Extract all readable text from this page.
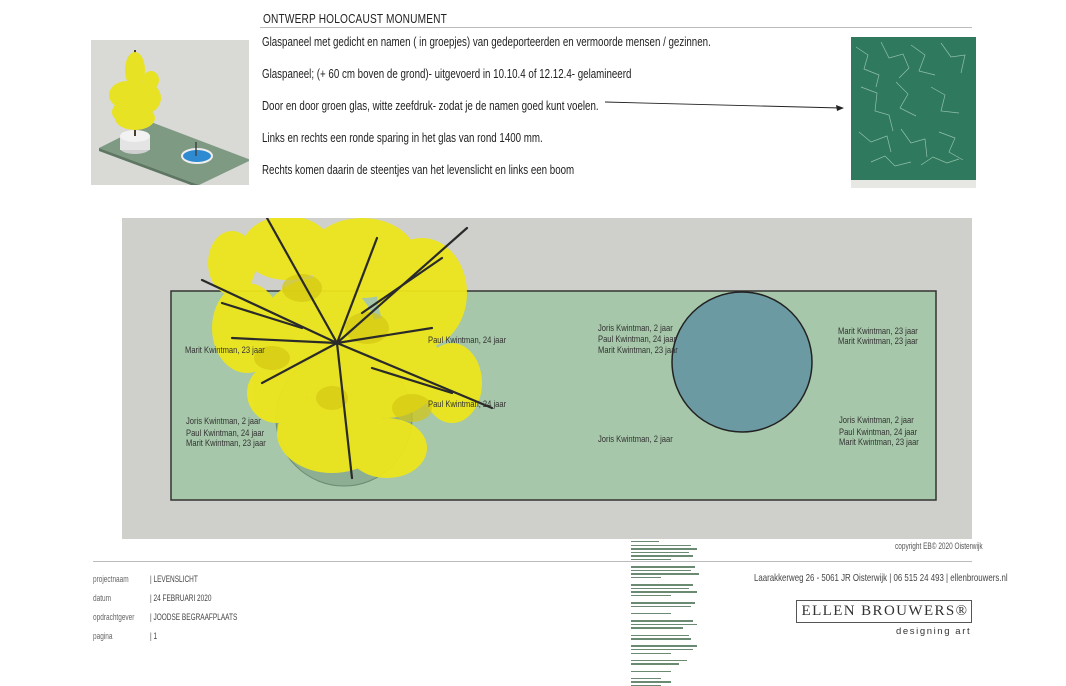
ONTWERP HOLOCAUST MONUMENT
Glaspaneel met gedicht en namen ( in groepjes) van gedeporteerden en vermoorde mensen / gezinnen.
Glaspaneel; (+ 60 cm boven de grond)- uitgevoerd in 10.10.4 of 12.12.4- gelamineerd
Door en door groen glas, witte zeefdruk- zodat je de namen goed kunt voelen.
Links en rechts een ronde sparing in het glas van rond 1400 mm.
Rechts komen daarin de steentjes van het levenslicht en links een boom
Marit Kwintman, 23 jaar
Joris Kwintman, 2 jaar
Paul Kwintman, 24 jaar
Marit Kwintman, 23 jaar
Paul Kwintman, 24 jaar
Paul Kwintman, 24 jaar
Joris Kwintman, 2 jaar
Paul Kwintman, 24 jaar
Marit Kwintman, 23 jaar
Joris Kwintman, 2 jaar
Marit Kwintman, 23 jaar
Marit Kwintman, 23 jaar
Joris Kwintman, 2 jaar
Paul Kwintman, 24 jaar
Marit Kwintman, 23 jaar
copyright EB© 2020 Oisterwijk
projectnaam | LEVENSLICHT
datum	| 24 FEBRUARI 2020
opdrachtgever | JOODSE BEGRAAFPLAATS
pagina	| 1
Laarakkerweg 26 - 5061 JR Oisterwijk | 06 515 24 493 | ellenbrouwers.nl
ELLEN BROUWERS®
designing art
